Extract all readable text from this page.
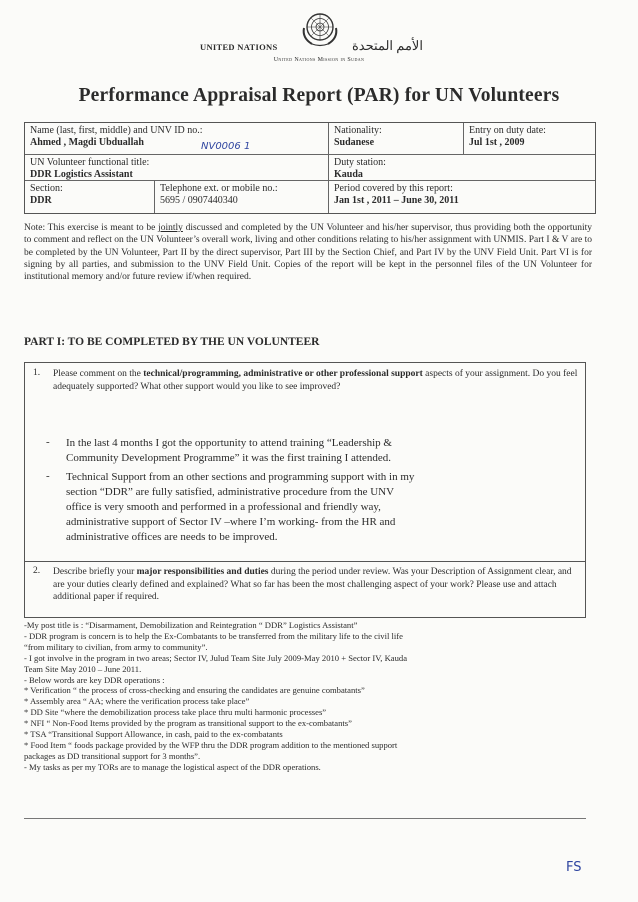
UNITED NATIONS	الأمم المتحدة
United Nations Mission in Sudan
Performance Appraisal Report (PAR) for UN Volunteers
Name (last, first, middle) and UNV ID no.:
Ahmed , Magdi Ubduallah	NV0006 1
Nationality:
Sudanese
Entry on duty date:
Jul 1st , 2009
UN Volunteer functional title:
DDR Logistics Assistant
Duty station:
Kauda
Section:
DDR
Telephone ext. or mobile no.:
5695 / 0907440340
Period covered by this report:
Jan 1st , 2011 – June 30, 2011
Note: This exercise is meant to be jointly discussed and completed by the UN Volunteer and his/her supervisor, thus providing both the opportunity to comment and reflect on the UN Volunteer’s overall work, living and other conditions relating to his/her assignment with UNMIS. Part I & V are to be completed by the UN Volunteer, Part II by the direct supervisor, Part III by the Section Chief, and Part IV by the UNV Field Unit. Part VI is for signing by all parties, and submission to the UNV Field Unit. Copies of the report will be kept in the personnel files of the UN Volunteer for institutional memory and/or future review if/when required.
PART I: TO BE COMPLETED BY THE UN VOLUNTEER
1. Please comment on the technical/programming, administrative or other professional support aspects of your assignment. Do you feel adequately supported? What other support would you like to see improved?
-
-
In the last 4 months I got the opportunity to attend training “Leadership &
Community Development Programme” it was the first training I attended.
Technical Support from an other sections and programming support with in my
section “DDR” are fully satisfied, administrative procedure from the UNV
office is very smooth and performed in a professional and friendly way,
administrative support of Sector IV –where I’m working- from the HR and
administrative offices are needs to be improved.
2. Describe briefly your major responsibilities and duties during the period under review. Was your Description of Assignment clear, and are your duties clearly defined and explained? What so far has been the most challenging aspect of your work? Please use and attach additional paper if required.

-My post title is : “Disarmament, Demobilization and Reintegration “ DDR” Logistics Assistant”

- DDR program is concern is to help the Ex-Combatants to be transferred from the military life to the civil life

“from military to civilian, from army to community”.

- I got involve in the program in two areas; Sector IV, Julud Team Site July 2009-May 2010 + Sector IV, Kauda

Team Site May 2010 – June 2011.

- Below words are key DDR operations :

* Verification “ the process of cross-checking and ensuring the candidates are genuine combatants”

* Assembly area “ AA; where the verification process take place”

* DD Site “where the demobilization process take place thru multi harmonic processes”

* NFI “ Non-Food Items provided by the program as transitional support to the ex-combatants”

* TSA “Transitional Support Allowance, in cash, paid to the ex-combatants

* Food Item “ foods package provided by the WFP thru the DDR program addition to the mentioned support

packages as DD transitional support for 3 months”.

- My tasks as per my TORs are to manage the logistical aspect of the DDR operations.

FS
